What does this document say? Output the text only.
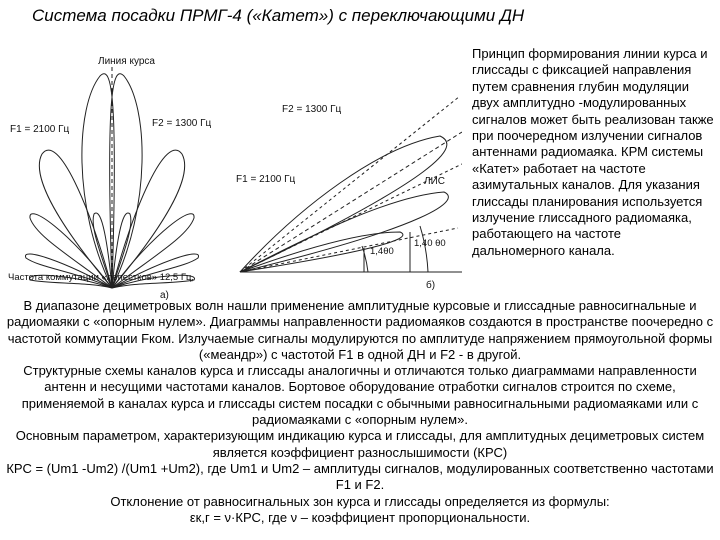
Система посадки ПРМГ-4 («Катет») с переключающими ДН
Линия курса
F1 = 2100 Гц
F2 = 1300 Гц
Частота коммутации «лепестков» 12,5 Гц,
а)
F2 = 1300 Гц
F1 = 2100 Гц	ЛИС
1,4θ0
1,40 θ0
б)
Принцип формирования линии курса и глиссады с фиксацией направления путем сравнения глубин модуляции двух амплитудно -модулированных сигналов может быть реализован также при поочередном излучении сигналов антеннами радиомаяка. КРМ системы «Катет» работает на частоте азимутальных каналов. Для указания глиссады планирования используется излучение глиссадного радиомаяка, работающего на частоте дальномерного канала.

В диапазоне дециметровых волн нашли применение амплитудные курсовые и глиссадные равносигнальные и радиомаяки с «опорным нулем». Диаграммы направленности радиомаяков создаются в пространстве поочередно с частотой коммутации Fком. Излучаемые сигналы модулируются по амплитуде напряжением прямоугольной формы («меандр») с частотой F1 в одной ДН и F2 - в другой.

Структурные схемы каналов курса и глиссады аналогичны и отличаются только диаграммами направленности антенн и несущими частотами каналов. Бортовое оборудование отработки сигналов строится по схеме, применяемой в каналах курса и глиссады систем посадки с обычными равносигнальными радиомаяками или с радиомаяками с «опорным нулем».

Основным параметром, характеризующим индикацию курса и глиссады, для амплитудных дециметровых систем является коэффициент разнослышимости (КРС)

КРС = (Um1 -Um2) /(Um1 +Um2), где Um1 и Um2 – амплитуды сигналов, модулированных соответственно частотами F1 и F2.

Отклонение от равносигнальных зон курса и глиссады определяется из формулы:

εк,г = ν·КРС, где ν – коэффициент пропорциональности.
